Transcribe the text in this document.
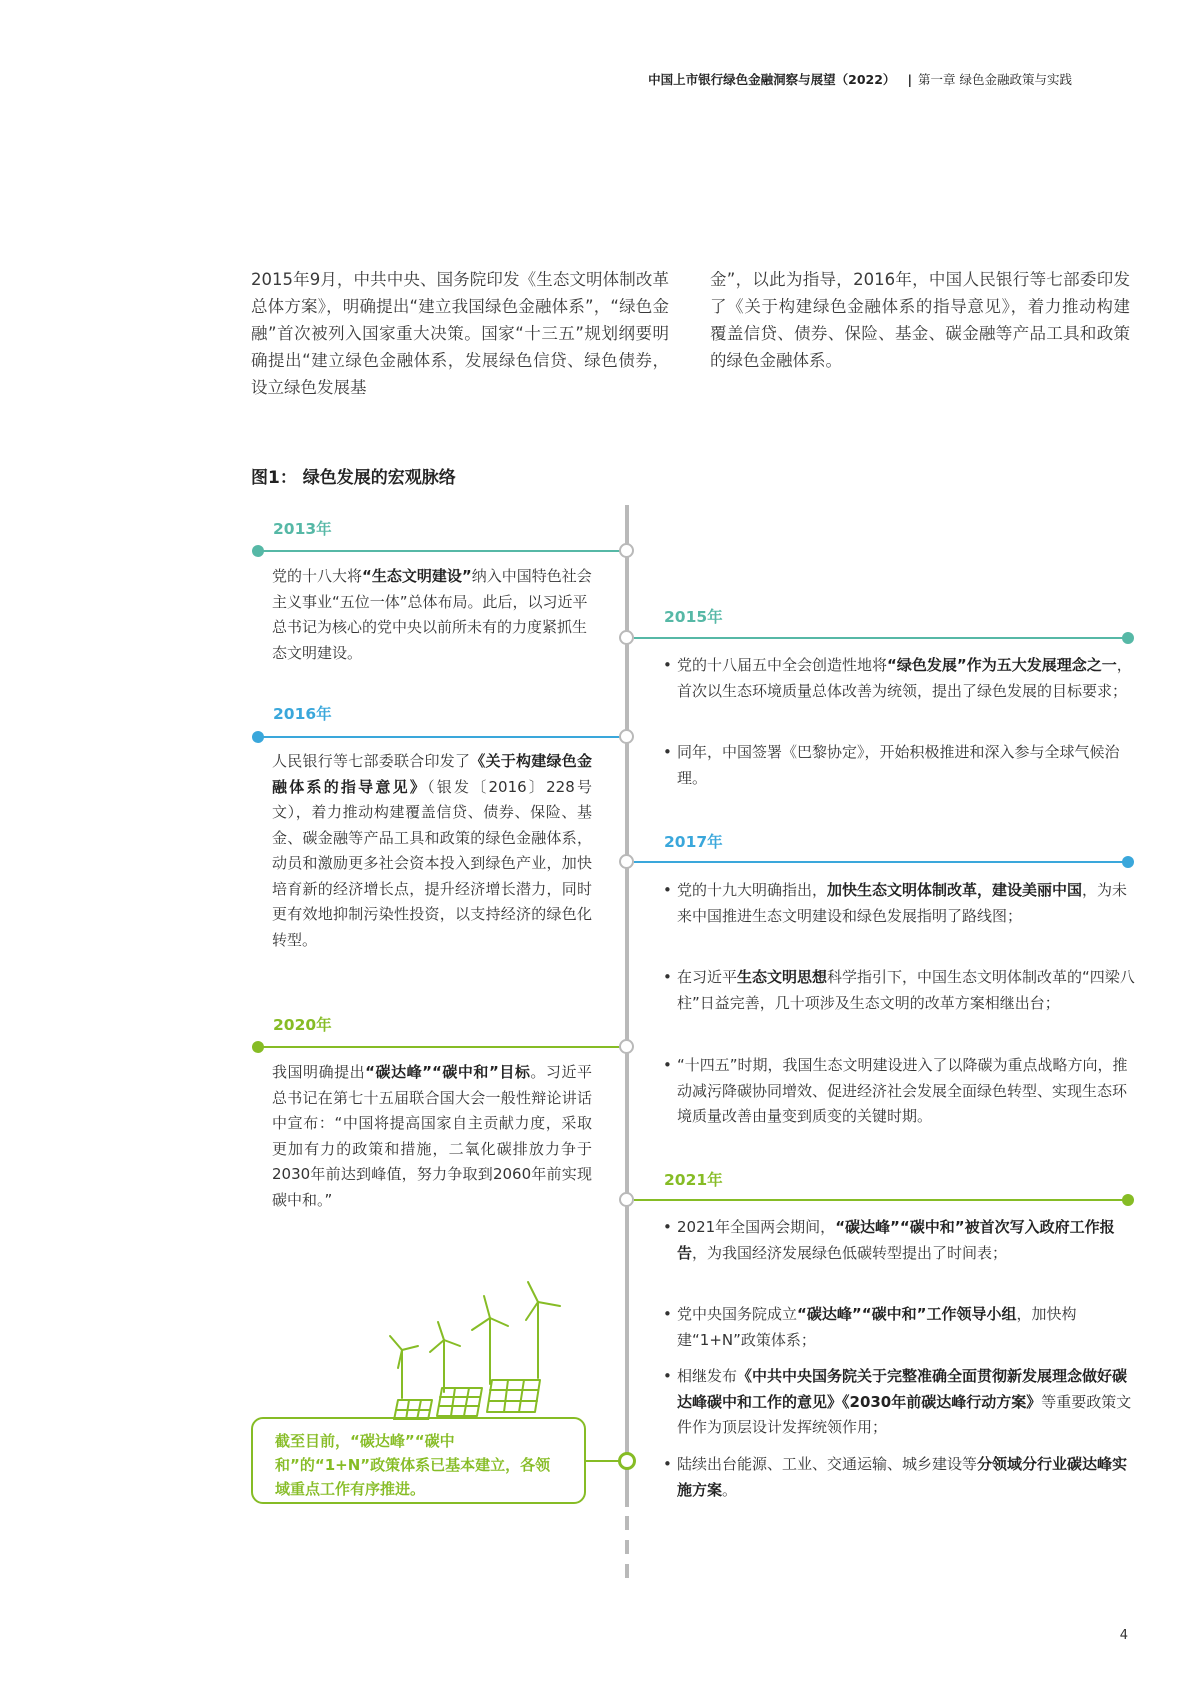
中国上市银行绿色金融洞察与展望（2022） | 第一章 绿色金融政策与实践
2015年9月，中共中央、国务院印发《生态文明体制改革总体方案》，明确提出“建立我国绿色金融体系”，“绿色金融”首次被列入国家重大决策。国家“十三五”规划纲要明确提出“建立绿色金融体系，发展绿色信贷、绿色债券，设立绿色发展基
金”，以此为指导，2016年，中国人民银行等七部委印发了《关于构建绿色金融体系的指导意见》，着力推动构建覆盖信贷、债券、保险、基金、碳金融等产品工具和政策的绿色金融体系。
图1： 绿色发展的宏观脉络
2013年
党的十八大将“生态文明建设”纳入中国特色社会主义事业“五位一体”总体布局。此后，以习近平总书记为核心的党中央以前所未有的力度紧抓生态文明建设。
2015年
• 党的十八届五中全会创造性地将“绿色发展”作为五大发展理念之一，首次以生态环境质量总体改善为统领，提出了绿色发展的目标要求；
• 同年，中国签署《巴黎协定》，开始积极推进和深入参与全球气候治理。
2016年
人民银行等七部委联合印发了《关于构建绿色金融体系的指导意见》（银发〔2016〕228号文），着力推动构建覆盖信贷、债券、保险、基金、碳金融等产品工具和政策的绿色金融体系，动员和激励更多社会资本投入到绿色产业，加快培育新的经济增长点，提升经济增长潜力，同时更有效地抑制污染性投资，以支持经济的绿色化转型。
2017年
• 党的十九大明确指出，加快生态文明体制改革，建设美丽中国，为未来中国推进生态文明建设和绿色发展指明了路线图；
• 在习近平生态文明思想科学指引下，中国生态文明体制改革的“四梁八柱”日益完善，几十项涉及生态文明的改革方案相继出台；
• “十四五”时期，我国生态文明建设进入了以降碳为重点战略方向，推动减污降碳协同增效、促进经济社会发展全面绿色转型、实现生态环境质量改善由量变到质变的关键时期。
2020年
我国明确提出“碳达峰”“碳中和”目标。习近平总书记在第七十五届联合国大会一般性辩论讲话中宣布：“中国将提高国家自主贡献力度，采取更加有力的政策和措施，二氧化碳排放力争于2030年前达到峰值，努力争取到2060年前实现碳中和。”
2021年
• 2021年全国两会期间，“碳达峰”“碳中和”被首次写入政府工作报告，为我国经济发展绿色低碳转型提出了时间表；
• 党中央国务院成立“碳达峰”“碳中和”工作领导小组，加快构建“1+N”政策体系；
• 相继发布《中共中央国务院关于完整准确全面贯彻新发展理念做好碳达峰碳中和工作的意见》《2030年前碳达峰行动方案》等重要政策文件作为顶层设计发挥统领作用；
• 陆续出台能源、工业、交通运输、城乡建设等分领域分行业碳达峰实施方案。
截至目前，“碳达峰”“碳中和”的“1+N”政策体系已基本建立，各领域重点工作有序推进。
4
